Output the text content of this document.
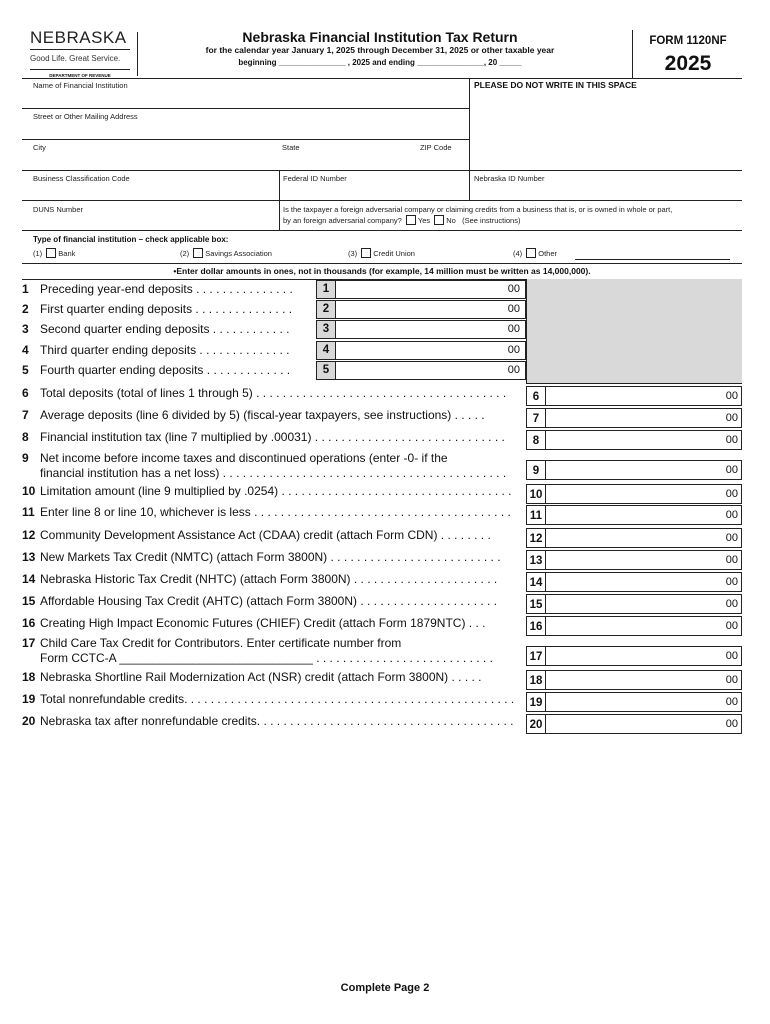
NEBRASKA
Good Life. Great Service.
DEPARTMENT OF REVENUE
Nebraska Financial Institution Tax Return
for the calendar year January 1, 2025 through December 31, 2025 or other taxable year
beginning _______________ , 2025 and ending _______________, 20 _____
FORM 1120NF
2025
Name of Financial Institution	PLEASE DO NOT WRITE IN THIS SPACE
Street or Other Mailing Address
City	State	ZIP Code
Business Classification Code	Federal ID Number	Nebraska ID Number
DUNS Number	Is the taxpayer a foreign adversarial company or claiming credits from a business that is, or is owned in whole or part,
by an foreign adversarial company? Yes No (See instructions)
Type of financial institution – check applicable box:
(1) Bank	(2) Savings Association	(3) Credit Union	(4) Other
•Enter dollar amounts in ones, not in thousands (for example, 14 million must be written as 14,000,000).
1 Preceding year-end deposits . . . . . . . . . . . . . . .	1	00
2 First quarter ending deposits . . . . . . . . . . . . . . .	2	00
3 Second quarter ending deposits . . . . . . . . . . . .	3	00
4 Third quarter ending deposits . . . . . . . . . . . . . .	4	00
5 Fourth quarter ending deposits . . . . . . . . . . . . .	5	00
6 Total deposits (total of lines 1 through 5) . . . . . . . . . . . . . . . . . . . . . . . . . . . . . . . . . . . . . .	6	00
7 Average deposits (line 6 divided by 5) (fiscal-year taxpayers, see instructions) . . . . .	7	00
8 Financial institution tax (line 7 multiplied by .00031) . . . . . . . . . . . . . . . . . . . . . . . . . . . . .	8	00
9 Net income before income taxes and discontinued operations (enter -0- if the
financial institution has a net loss) . . . . . . . . . . . . . . . . . . . . . . . . . . . . . . . . . . . . . . . . . . .	9	00
10 Limitation amount (line 9 multiplied by .0254) . . . . . . . . . . . . . . . . . . . . . . . . . . . . . . . . . . .	10	00
11 Enter line 8 or line 10, whichever is less . . . . . . . . . . . . . . . . . . . . . . . . . . . . . . . . . . . . . . .	11	00
12 Community Development Assistance Act (CDAA) credit (attach Form CDN) . . . . . . . .	12	00
13 New Markets Tax Credit (NMTC) (attach Form 3800N) . . . . . . . . . . . . . . . . . . . . . . . . . .	13	00
14 Nebraska Historic Tax Credit (NHTC) (attach Form 3800N) . . . . . . . . . . . . . . . . . . . . . .	14	00
15 Affordable Housing Tax Credit (AHTC) (attach Form 3800N) . . . . . . . . . . . . . . . . . . . . .	15	00
16 Creating High Impact Economic Futures (CHIEF) Credit (attach Form 1879NTC) . . .	16	00
17 Child Care Tax Credit for Contributors. Enter certificate number from
Form CCTC-A _____________________________ . . . . . . . . . . . . . . . . . . . . . . . . . . .	17	00
18 Nebraska Shortline Rail Modernization Act (NSR) credit (attach Form 3800N) . . . . .	18	00
19 Total nonrefundable credits. . . . . . . . . . . . . . . . . . . . . . . . . . . . . . . . . . . . . . . . . . . . . . . . . .	19	00
20 Nebraska tax after nonrefundable credits. . . . . . . . . . . . . . . . . . . . . . . . . . . . . . . . . . . . . . .	20	00
Complete Page 2
